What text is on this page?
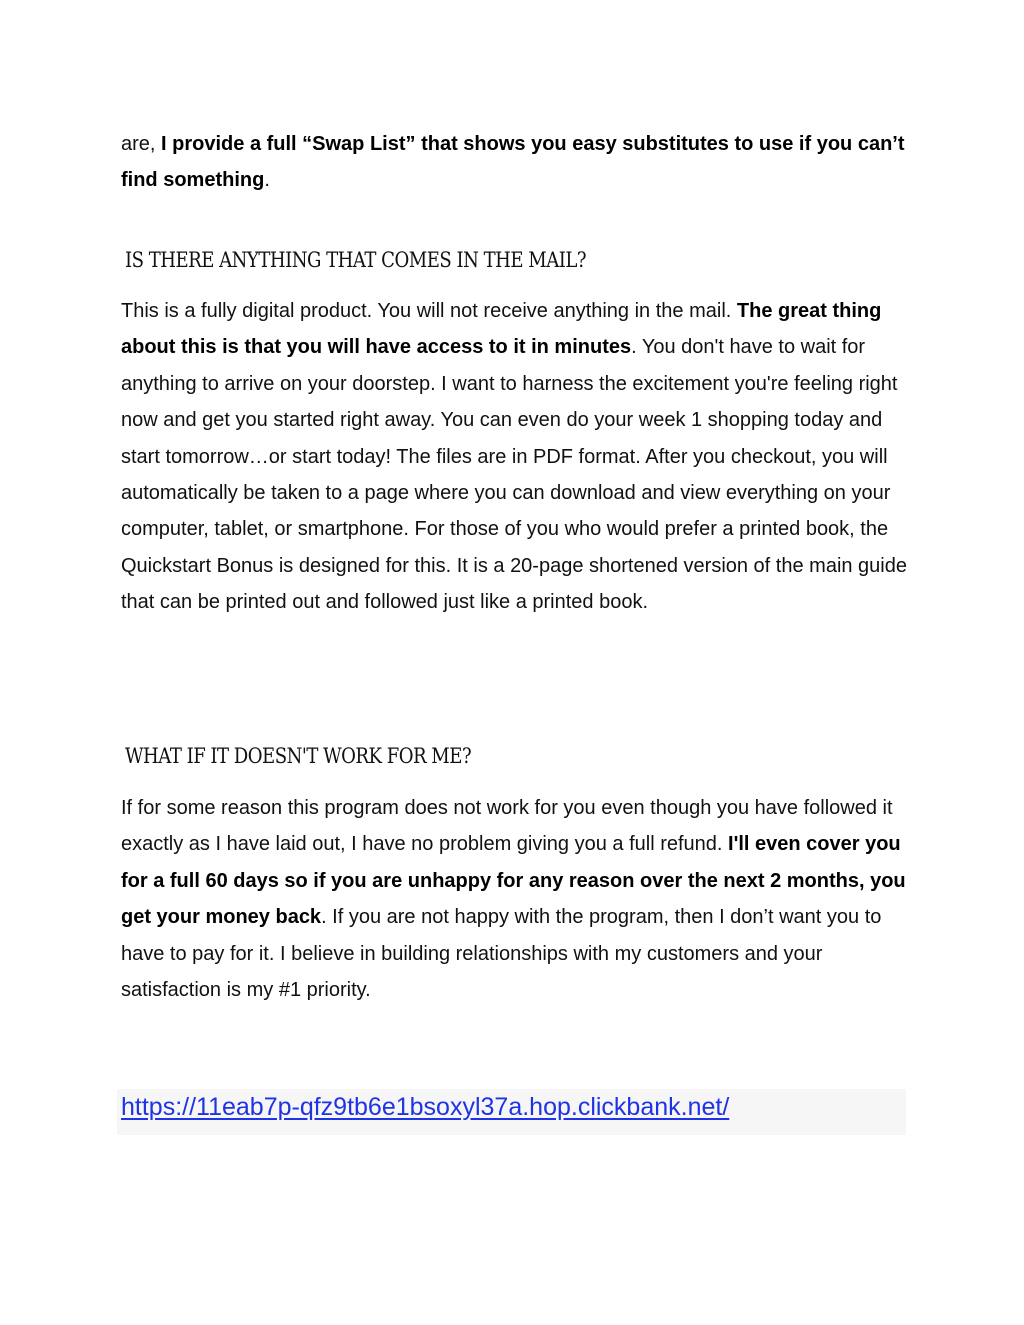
are, I provide a full “Swap List” that shows you easy substitutes to use if you can’t find something.

IS THERE ANYTHING THAT COMES IN THE MAIL?

This is a fully digital product. You will not receive anything in the mail. The great thing about this is that you will have access to it in minutes. You don't have to wait for anything to arrive on your doorstep. I want to harness the excitement you're feeling right now and get you started right away. You can even do your week 1 shopping today and start tomorrow…or start today! The files are in PDF format. After you checkout, you will automatically be taken to a page where you can download and view everything on your computer, tablet, or smartphone. For those of you who would prefer a printed book, the Quickstart Bonus is designed for this. It is a 20-page shortened version of the main guide that can be printed out and followed just like a printed book.

WHAT IF IT DOESN'T WORK FOR ME?

If for some reason this program does not work for you even though you have followed it exactly as I have laid out, I have no problem giving you a full refund. I'll even cover you for a full 60 days so if you are unhappy for any reason over the next 2 months, you get your money back. If you are not happy with the program, then I don’t want you to have to pay for it. I believe in building relationships with my customers and your satisfaction is my #1 priority.

https://11eab7p-qfz9tb6e1bsoxyl37a.hop.clickbank.net/
